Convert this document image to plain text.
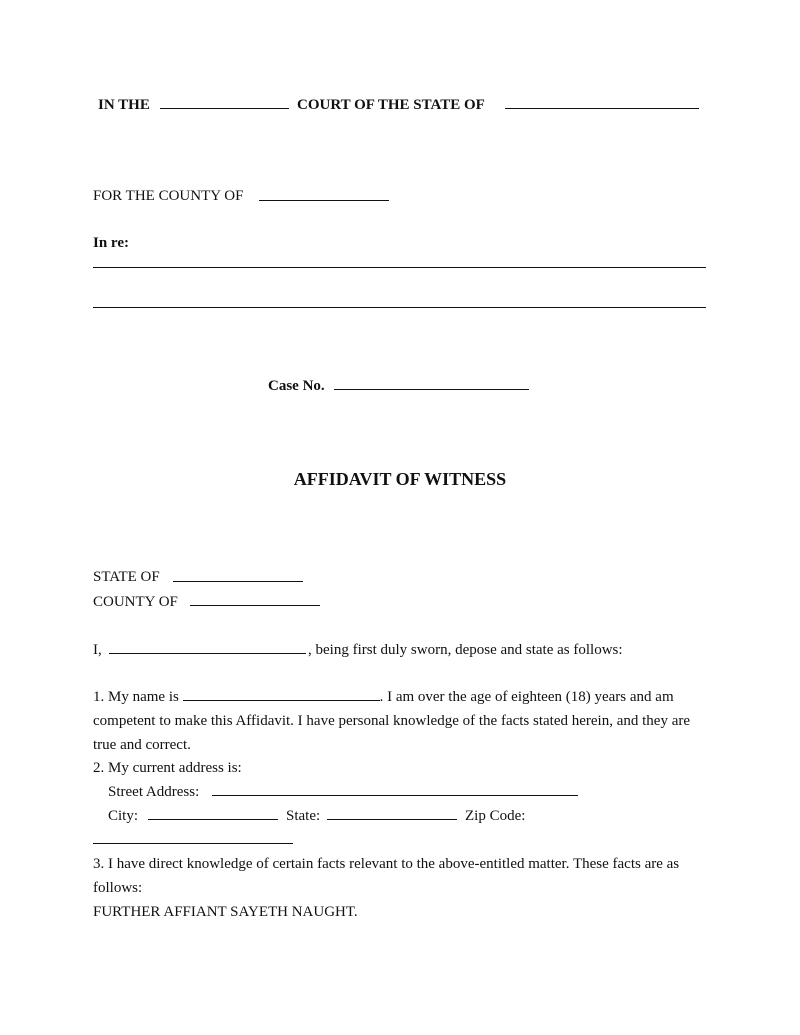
IN THE	COURT OF THE STATE OF
FOR THE COUNTY OF
In re:
Case No.
AFFIDAVIT OF WITNESS
STATE OF
COUNTY OF
I,	, being first duly sworn, depose and state as follows:
1. My name is	. I am over the age of eighteen (18) years and am competent to make this Affidavit. I have personal knowledge of the facts stated herein, and they are true and correct.
2. My current address is:
Street Address:
City:	State:	Zip Code:
3. I have direct knowledge of certain facts relevant to the above-entitled matter. These facts are as follows:
FURTHER AFFIANT SAYETH NAUGHT.
